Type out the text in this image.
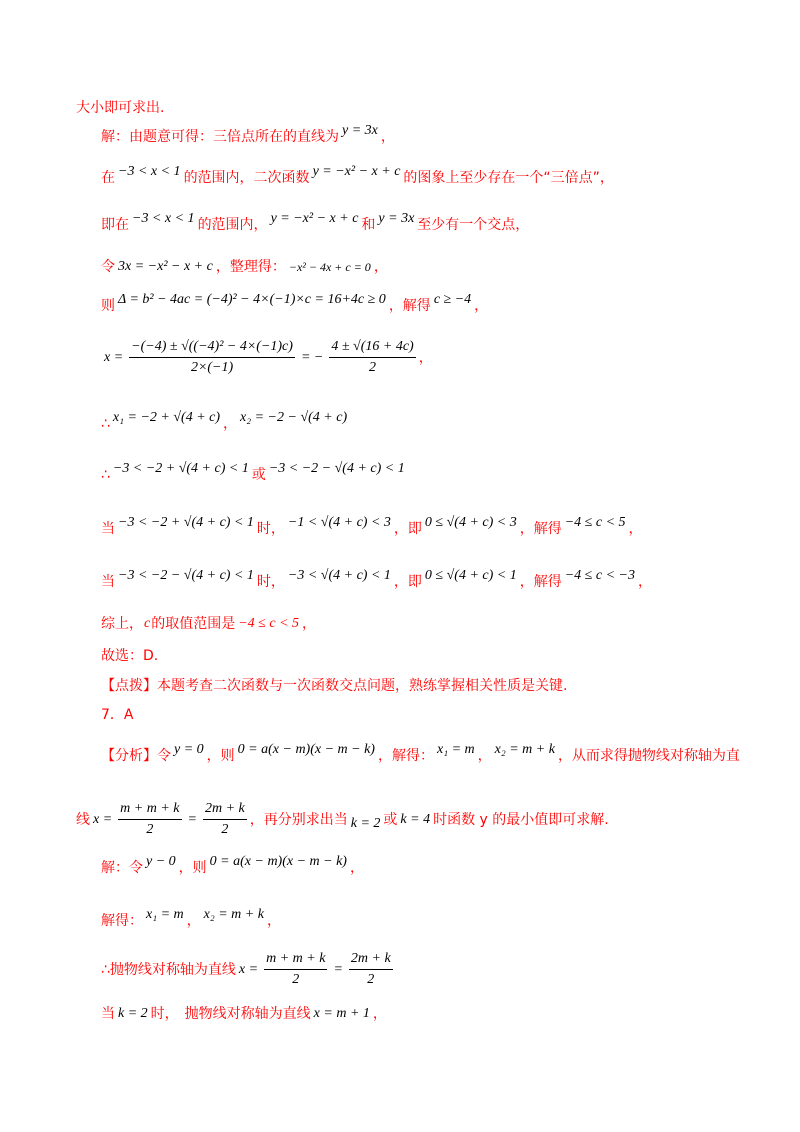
大小即可求出.
解：由题意可得：三倍点所在的直线为 y = 3x ，
在 −3 < x < 1 的范围内，二次函数 y = −x² − x + c 的图象上至少存在一个“三倍点”，
即在 −3 < x < 1 的范围内， y = −x² − x + c 和 y = 3x 至少有一个交点，
令 3x = −x² − x + c ，整理得： −x² − 4x + c = 0 ，
则 Δ = b² − 4ac = (−4)² − 4×(−1)×c = 16+4c ≥ 0 ，解得 c ≥ −4 ，
$x = \frac{\text{−(−4) ± √((−4)² − 4×(−1)c)}}{2\times(-1)}$ = − $\frac{4 \pm √(16 + 4c)}{2}$ ，
∴ x₁ = −2 + √(4 + c) ， x₂ = −2 − √(4 + c)
∴ −3 < −2 + √(4 + c) < 1 或 −3 < −2 − √(4 + c) < 1
当 −3 < −2 + √(4 + c) < 1 时， −1 < √(4 + c) < 3 ，即 0 ≤ √(4 + c) < 3 ，解得 −4 ≤ c < 5 ，
当 −3 < −2 − √(4 + c) < 1 时， −3 < √(4 + c) < 1 ，即 0 ≤ √(4 + c) < 1 ，解得 −4 ≤ c < −3 ，
综上， c 的取值范围是 −4 ≤ c < 5 ，
故选：D.
【点拨】本题考查二次函数与一次函数交点问题，熟练掌握相关性质是关键.
7．A
【分析】令 y = 0 ，则 0 = a(x − m)(x − m − k) ，解得： x₁ = m ， x₂ = m + k ，从而求得抛物线对称轴为直
线 $x = \frac{m + m + k}{2} = \frac{2m + k}{2}$ ，再分别求出当 k = 2 或 k = 4 时函数 y 的最小值即可求解.
解：令 y − 0 ，则 0 = a(x − m)(x − m − k) ，
解得： x₁ = m ， x₂ = m + k ，
∴抛物线对称轴为直线 $x = \frac{m + m + k}{2} = \frac{2m + k}{2}$
当 k = 2 时， 抛物线对称轴为直线 x = m + 1 ，
